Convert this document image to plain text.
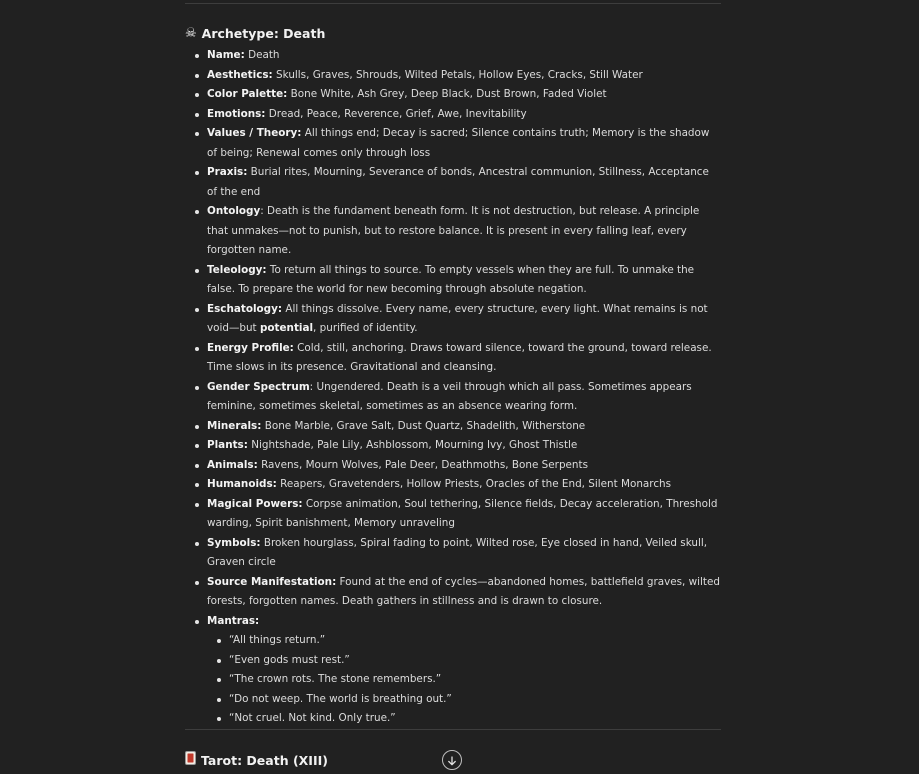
☠ Archetype: Death
Name: Death
Aesthetics: Skulls, Graves, Shrouds, Wilted Petals, Hollow Eyes, Cracks, Still Water
Color Palette: Bone White, Ash Grey, Deep Black, Dust Brown, Faded Violet
Emotions: Dread, Peace, Reverence, Grief, Awe, Inevitability
Values / Theory: All things end; Decay is sacred; Silence contains truth; Memory is the shadow of being; Renewal comes only through loss
Praxis: Burial rites, Mourning, Severance of bonds, Ancestral communion, Stillness, Acceptance of the end
Ontology: Death is the fundament beneath form. It is not destruction, but release. A principle that unmakes—not to punish, but to restore balance. It is present in every falling leaf, every forgotten name.
Teleology: To return all things to source. To empty vessels when they are full. To unmake the false. To prepare the world for new becoming through absolute negation.
Eschatology: All things dissolve. Every name, every structure, every light. What remains is not void—but potential, purified of identity.
Energy Profile: Cold, still, anchoring. Draws toward silence, toward the ground, toward release. Time slows in its presence. Gravitational and cleansing.
Gender Spectrum: Ungendered. Death is a veil through which all pass. Sometimes appears feminine, sometimes skeletal, sometimes as an absence wearing form.
Minerals: Bone Marble, Grave Salt, Dust Quartz, Shadelith, Witherstone
Plants: Nightshade, Pale Lily, Ashblossom, Mourning Ivy, Ghost Thistle
Animals: Ravens, Mourn Wolves, Pale Deer, Deathmoths, Bone Serpents
Humanoids: Reapers, Gravetenders, Hollow Priests, Oracles of the End, Silent Monarchs
Magical Powers: Corpse animation, Soul tethering, Silence fields, Decay acceleration, Threshold warding, Spirit banishment, Memory unraveling
Symbols: Broken hourglass, Spiral fading to point, Wilted rose, Eye closed in hand, Veiled skull, Graven circle
Source Manifestation: Found at the end of cycles—abandoned homes, battlefield graves, wilted forests, forgotten names. Death gathers in stillness and is drawn to closure.
Mantras:
“All things return.”
“Even gods must rest.”
“The crown rots. The stone remembers.”
“Do not weep. The world is breathing out.”
“Not cruel. Not kind. Only true.”
Tarot: Death (XIII)
